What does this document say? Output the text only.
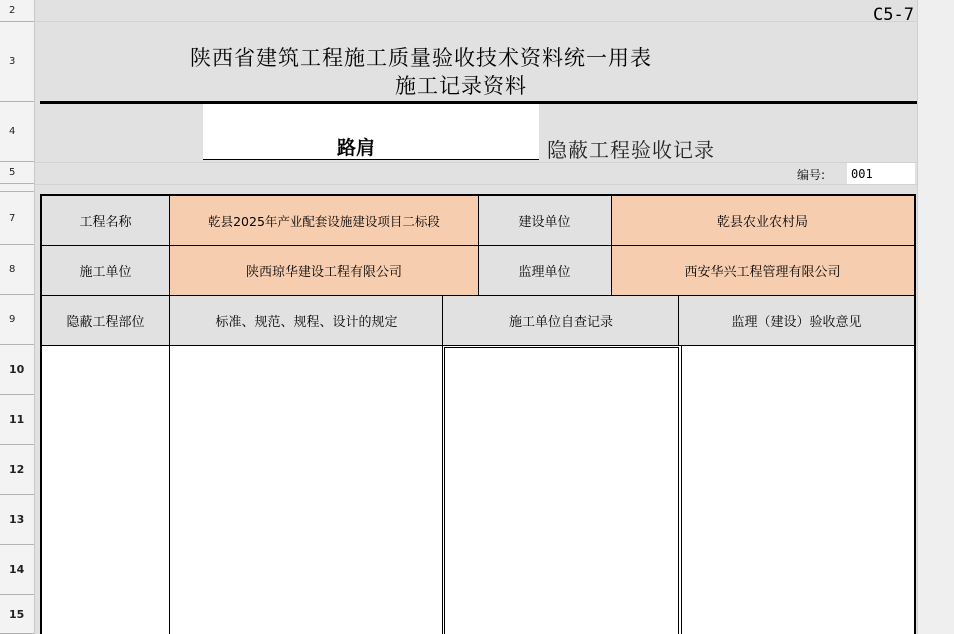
2
3
4
5
7
8
9
10
11
12
13
14
15
C5-7
陕西省建筑工程施工质量验收技术资料统一用表
施工记录资料
路肩	隐蔽工程验收记录
编号: 001
工程名称	乾县2025年产业配套设施建设项目二标段	建设单位	乾县农业农村局
施工单位	陕西琼华建设工程有限公司	监理单位	西安华兴工程管理有限公司
隐蔽工程部位	标准、规范、规程、设计的规定	施工单位自查记录	监理（建设）验收意见
